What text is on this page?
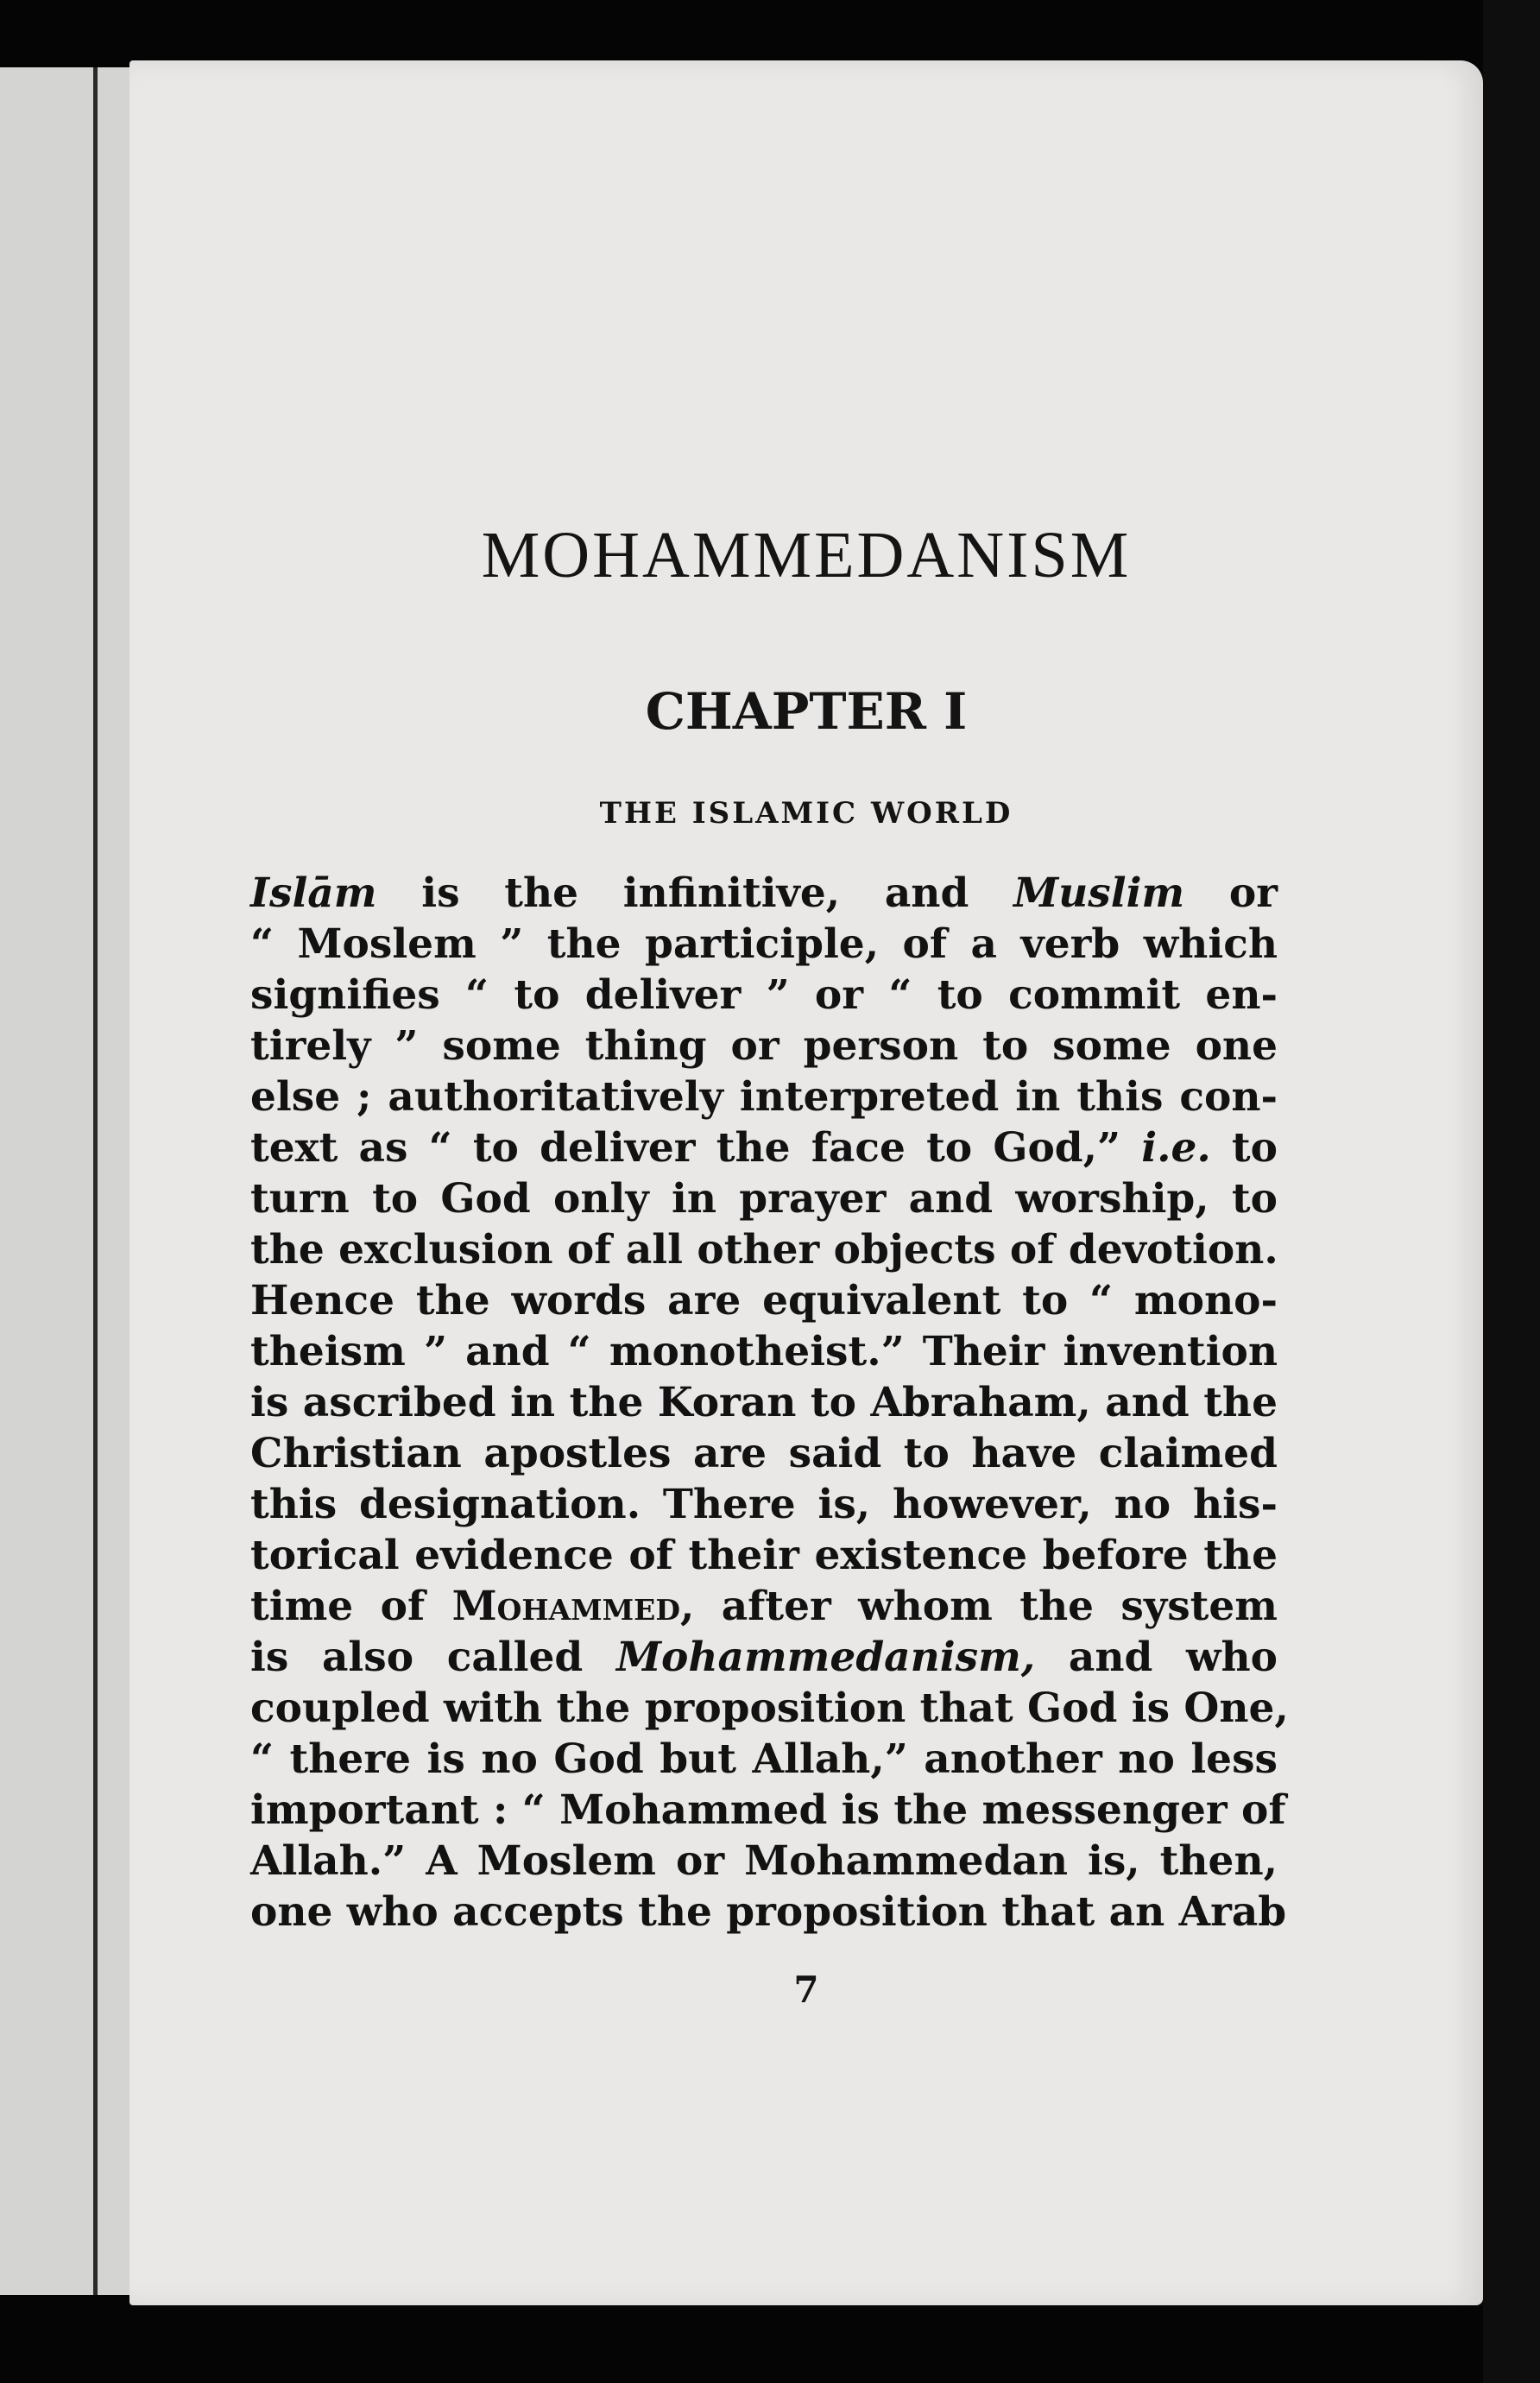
MOHAMMEDANISM
CHAPTER I
THE ISLAMIC WORLD

Islām is the infinitive, and Muslim or
“ Moslem ” the participle, of a verb which
signifies “ to deliver ” or “ to commit en-
tirely ” some thing or person to some one
else ; authoritatively interpreted in this con-
text as “ to deliver the face to God,” i.e. to
turn to God only in prayer and worship, to
the exclusion of all other objects of devotion.
Hence the words are equivalent to “ mono-
theism ” and “ monotheist.” Their invention
is ascribed in the Koran to Abraham, and the
Christian apostles are said to have claimed
this designation. There is, however, no his-
torical evidence of their existence before the
time of Mohammed, after whom the system
is also called Mohammedanism, and who
coupled with the proposition that God is One,
“ there is no God but Allah,” another no less
important : “ Mohammed is the messenger of
Allah.” A Moslem or Mohammedan is, then,
one who accepts the proposition that an Arab

7
